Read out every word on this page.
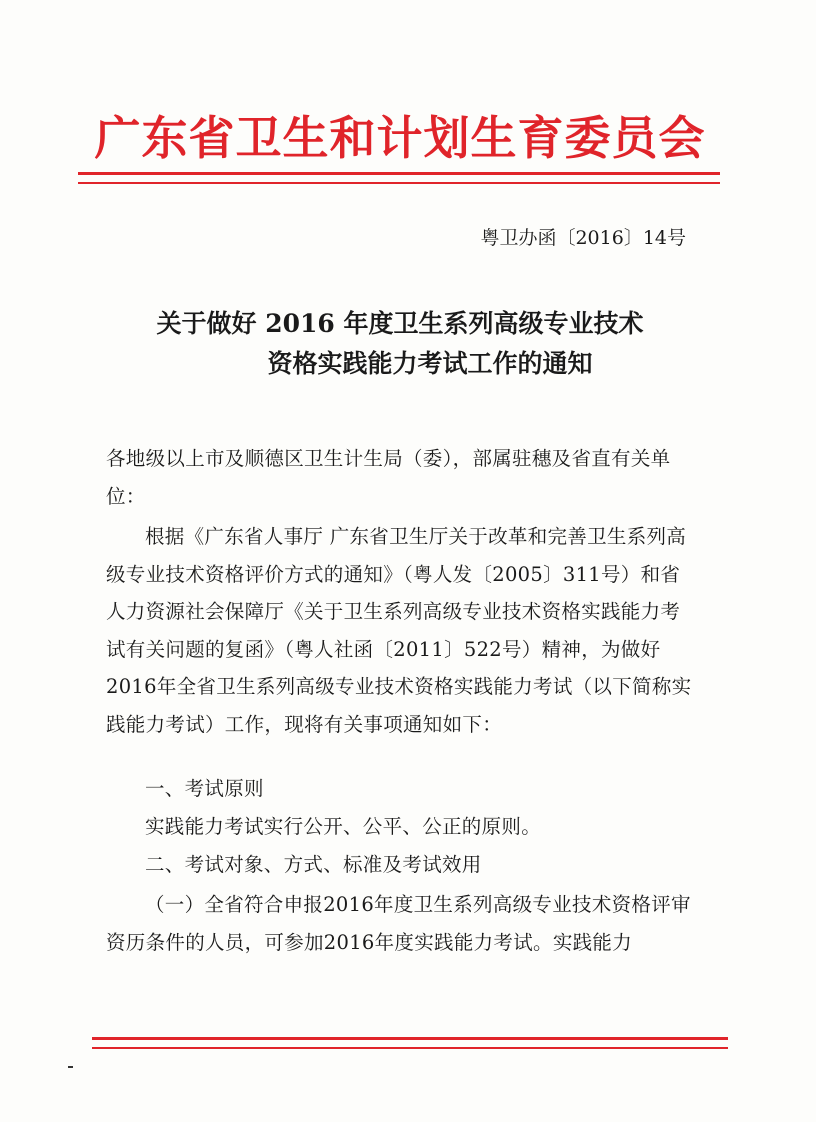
广东省卫生和计划生育委员会
粤卫办函〔2016〕14号
关于做好 2016 年度卫生系列高级专业技术
资格实践能力考试工作的通知
各地级以上市及顺德区卫生计生局（委），部属驻穗及省直有关单位：
根据《广东省人事厅 广东省卫生厅关于改革和完善卫生系列高级专业技术资格评价方式的通知》（粤人发〔2005〕311号）和省人力资源社会保障厅《关于卫生系列高级专业技术资格实践能力考试有关问题的复函》（粤人社函〔2011〕522号）精神，为做好2016年全省卫生系列高级专业技术资格实践能力考试（以下简称实践能力考试）工作，现将有关事项通知如下：
一、考试原则
实践能力考试实行公开、公平、公正的原则。
二、考试对象、方式、标准及考试效用
（一）全省符合申报2016年度卫生系列高级专业技术资格评审资历条件的人员，可参加2016年度实践能力考试。实践能力
